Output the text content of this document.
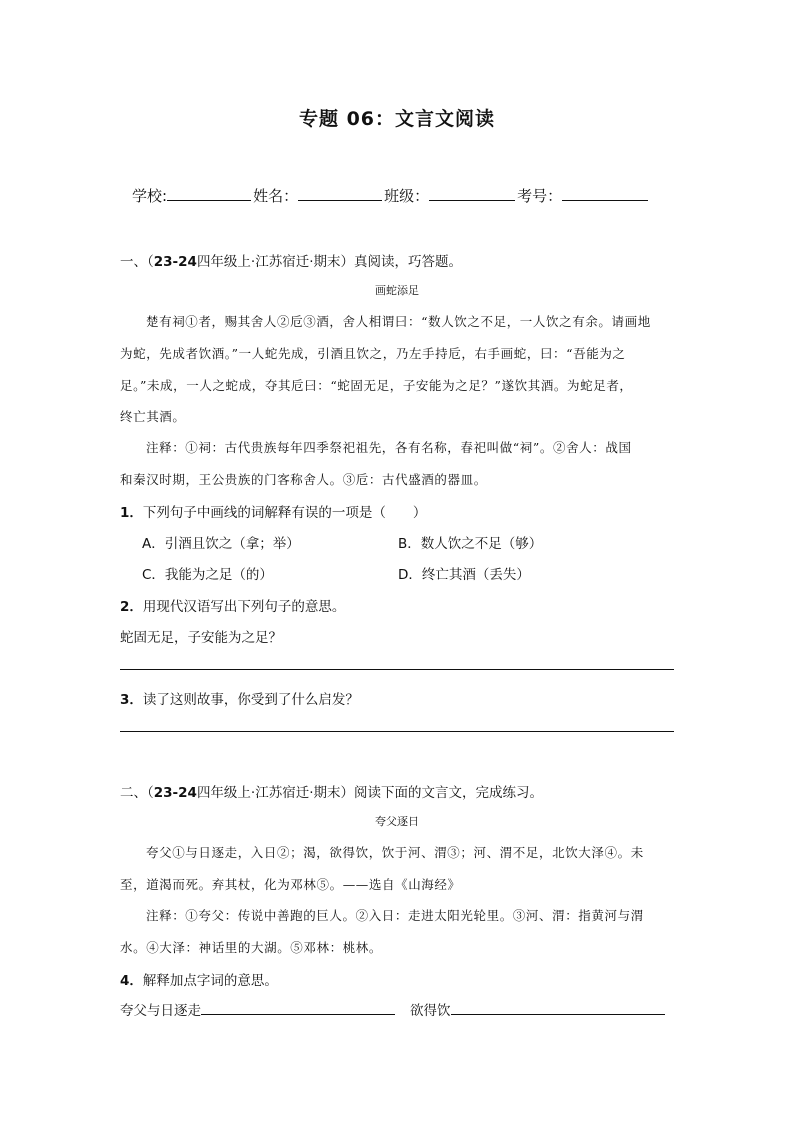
专题 06：文言文阅读
学校:	姓名：	班级：	考号：
一、（23-24四年级上·江苏宿迁·期末）真阅读，巧答题。
画蛇添足
楚有祠①者，赐其舍人②卮③酒，舍人相谓曰：“数人饮之不足，一人饮之有余。请画地
为蛇，先成者饮酒。”一人蛇先成，引酒且饮之，乃左手持卮，右手画蛇，曰：“吾能为之
足。”未成，一人之蛇成，夺其卮曰：“蛇固无足，子安能为之足？”遂饮其酒。为蛇足者，
终亡其酒。
注释：①祠：古代贵族每年四季祭祀祖先，各有名称，春祀叫做“祠”。②舍人：战国
和秦汉时期，王公贵族的门客称舍人。③卮：古代盛酒的器皿。
1．下列句子中画线的词解释有误的一项是（　　）
A．引酒且饮之（拿；举）	B．数人饮之不足（够）
C．我能为之足（的）	D．终亡其酒（丢失）
2．用现代汉语写出下列句子的意思。
蛇固无足，子安能为之足？
3．读了这则故事，你受到了什么启发？
二、（23-24四年级上·江苏宿迁·期末）阅读下面的文言文，完成练习。
夸父逐日
夸父①与日逐走，入日②；渴，欲得饮，饮于河、渭③；河、渭不足，北饮大泽④。未
至，道渴而死。弃其杖，化为邓林⑤。——选自《山海经》
注释：①夸父：传说中善跑的巨人。②入日：走进太阳光轮里。③河、渭：指黄河与渭
水。④大泽：神话里的大湖。⑤邓林：桃林。
4．解释加点字词的意思。
夸父与日逐走	欲得饮
